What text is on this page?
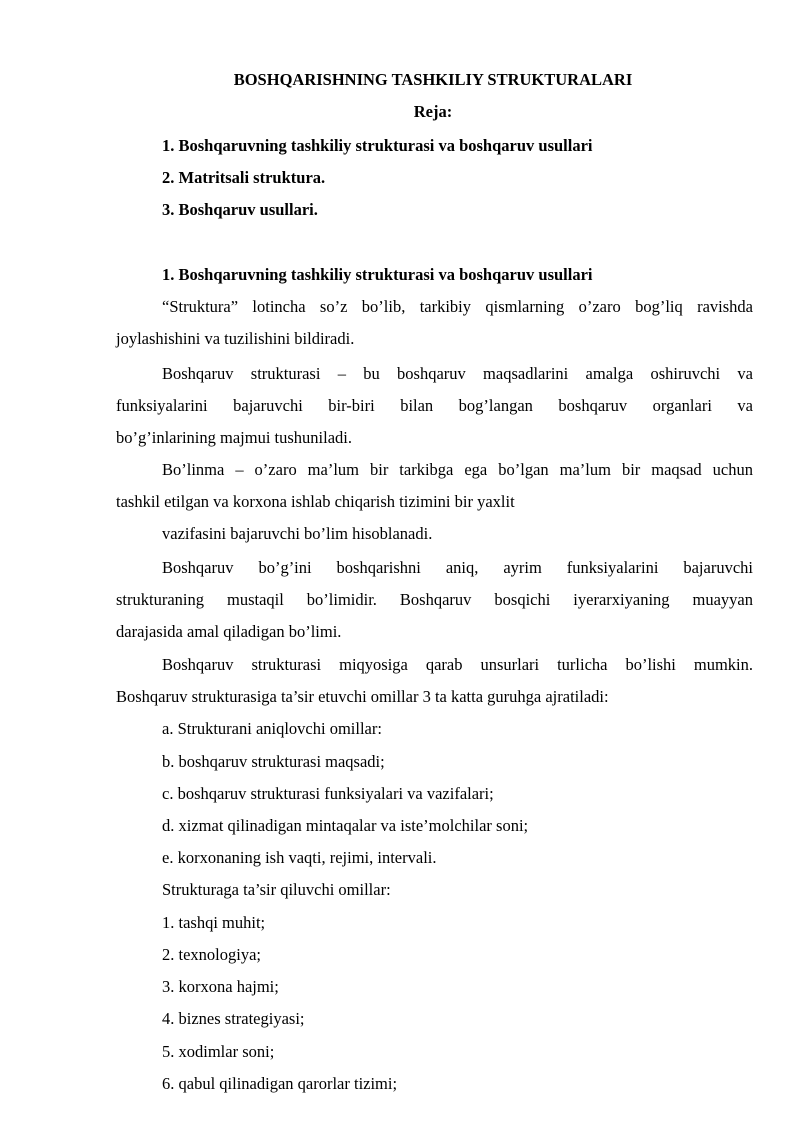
BOSHQARISHNING TASHKILIY STRUKTURALARI
Reja:
1. Boshqaruvning tashkiliy strukturasi va boshqaruv usullari
2. Matritsali struktura.
3. Boshqaruv usullari.
1. Boshqaruvning tashkiliy strukturasi va boshqaruv usullari
“Struktura” lotincha so’z bo’lib, tarkibiy qismlarning o’zaro bog’liq ravishda
joylashishini va tuzilishini bildiradi.
Boshqaruv strukturasi – bu boshqaruv maqsadlarini amalga oshiruvchi va
funksiyalarini bajaruvchi bir-biri bilan bog’langan boshqaruv organlari va
bo’g’inlarining majmui tushuniladi.
Bo’linma – o’zaro ma’lum bir tarkibga ega bo’lgan ma’lum bir maqsad uchun
tashkil etilgan va korxona ishlab chiqarish tizimini bir yaxlit
vazifasini bajaruvchi bo’lim hisoblanadi.
Boshqaruv bo’g’ini boshqarishni aniq, ayrim funksiyalarini bajaruvchi
strukturaning mustaqil bo’limidir. Boshqaruv bosqichi iyerarxiyaning muayyan
darajasida amal qiladigan bo’limi.
Boshqaruv strukturasi miqyosiga qarab unsurlari turlicha bo’lishi mumkin.
Boshqaruv strukturasiga ta’sir etuvchi omillar 3 ta katta guruhga ajratiladi:
a. Strukturani aniqlovchi omillar:
b. boshqaruv strukturasi maqsadi;
c. boshqaruv strukturasi funksiyalari va vazifalari;
d. xizmat qilinadigan mintaqalar va iste’molchilar soni;
e. korxonaning ish vaqti, rejimi, intervali.
Strukturaga ta’sir qiluvchi omillar:
1. tashqi muhit;
2. texnologiya;
3. korxona hajmi;
4. biznes strategiyasi;
5. xodimlar soni;
6. qabul qilinadigan qarorlar tizimi;
